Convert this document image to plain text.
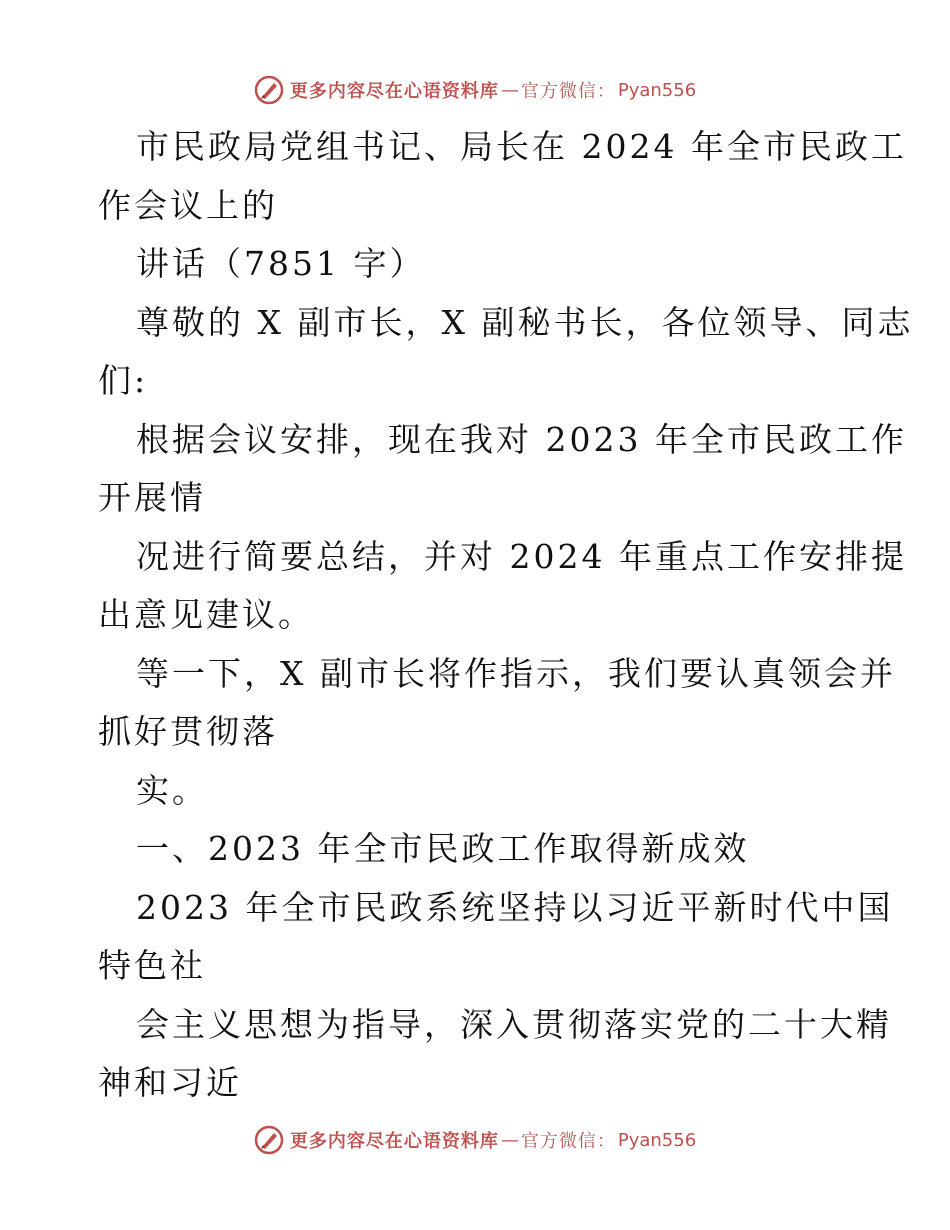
更多内容尽在心语资料库 — 官方微信： Pyan556

市民政局党组书记、局长在 2024 年全市民政工

作会议上的

讲话（7851 字）

尊敬的 X 副市长，X 副秘书长，各位领导、同志

们:

根据会议安排，现在我对 2023 年全市民政工作

开展情

况进行简要总结，并对 2024 年重点工作安排提

出意见建议。

等一下，X 副市长将作指示，我们要认真领会并

抓好贯彻落

实。

一、2023 年全市民政工作取得新成效

2023 年全市民政系统坚持以习近平新时代中国

特色社

会主义思想为指导，深入贯彻落实党的二十大精

神和习近

更多内容尽在心语资料库 — 官方微信： Pyan556
